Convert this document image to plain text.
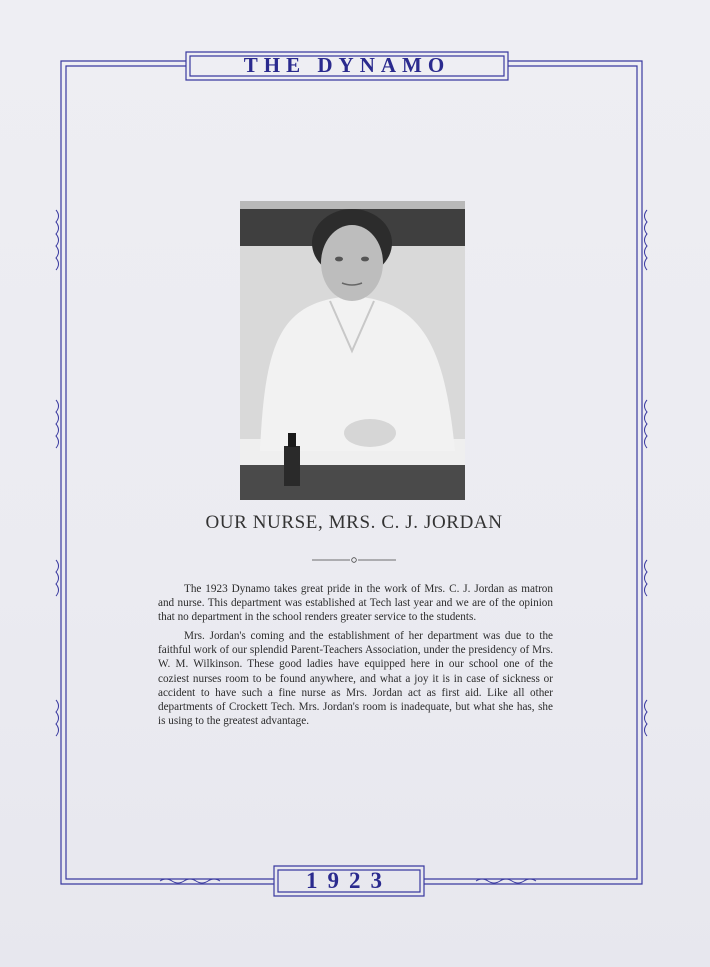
THE DYNAMO
OUR NURSE, MRS. C. J. JORDAN

The 1923 Dynamo takes great pride in the work of Mrs. C. J. Jordan as matron and nurse. This department was established at Tech last year and we are of the opinion that no department in the school renders greater service to the students.

Mrs. Jordan's coming and the establishment of her department was due to the faithful work of our splendid Parent-Teachers Association, under the presidency of Mrs. W. M. Wilkinson. These good ladies have equipped here in our school one of the coziest nurses room to be found anywhere, and what a joy it is in case of sickness or accident to have such a fine nurse as Mrs. Jordan act as first aid. Like all other departments of Crockett Tech. Mrs. Jordan's room is inadequate, but what she has, she is using to the greatest advantage.

1923
